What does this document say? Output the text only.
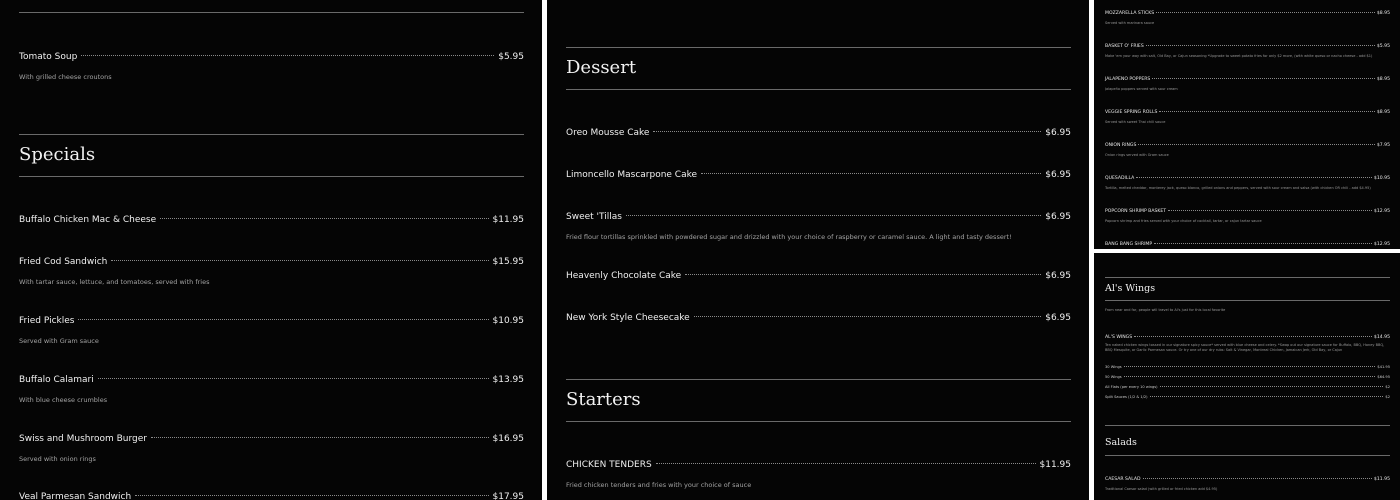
Tomato Soup	$5.95
With grilled cheese croutons
Specials
Buffalo Chicken Mac & Cheese	$11.95
Fried Cod Sandwich	$15.95
With tartar sauce, lettuce, and tomatoes, served with fries
Fried Pickles	$10.95
Served with Gram sauce
Buffalo Calamari	$13.95
With blue cheese crumbles
Swiss and Mushroom Burger	$16.95
Served with onion rings
Veal Parmesan Sandwich	$17.95
Dessert
Oreo Mousse Cake	$6.95
Limoncello Mascarpone Cake	$6.95
Sweet 'Tillas	$6.95
Fried flour tortillas sprinkled with powdered sugar and drizzled with your choice of raspberry or caramel sauce. A light and tasty dessert!
Heavenly Chocolate Cake	$6.95
New York Style Cheesecake	$6.95
Starters
CHICKEN TENDERS	$11.95
Fried chicken tenders and fries with your choice of sauce
MOZZARELLA STICKS	$8.95
Served with marinara sauce
BASKET O' FRIES	$5.95
Make 'em your way with salt, Old Bay, or Cajun seasoning *Upgrade to sweet potato fries for only $2 more, (with white queso or nacho cheese - add $1)
JALAPENO POPPERS	$8.95
Jalapeño poppers served with sour cream
VEGGIE SPRING ROLLS	$8.95
Served with sweet Thai chili sauce
ONION RINGS	$7.95
Onion rings served with Gram sauce
QUESADILLA	$10.95
Tortilla, melted cheddar, monterey jack, queso blanco, grilled onions and peppers, served with sour cream and salsa (with chicken OR chili - add $4.95)
POPCORN SHRIMP BASKET	$12.95
Popcorn shrimp and fries served with your choice of cocktail, tartar, or cajun tartar sauce
BANG BANG SHRIMP	$12.95
Al's Wings
From near and far, people will travel to Al's just for this local favorite
AL'S WINGS	$14.95
Ten naked chicken wings tossed in our signature spicy sauce* served with blue cheese and celery. *Swap out our signature sauce for Buffalo, BBQ, Honey BBQ, BBQ Mesquite, or Garlic Parmesan sauce. Or try one of our dry rubs: Salt & Vinegar, Montreal Chicken, Jamaican Jerk, Old Bay, or Cajun
30 Wings	$41.95
50 Wings	$64.95
All Flats (per every 10 wings)	$2
Split Sauces (1/2 & 1/2)	$2
Salads
CAESAR SALAD	$11.95
Traditional Caesar salad (with grilled or fried chicken add $4.95)
